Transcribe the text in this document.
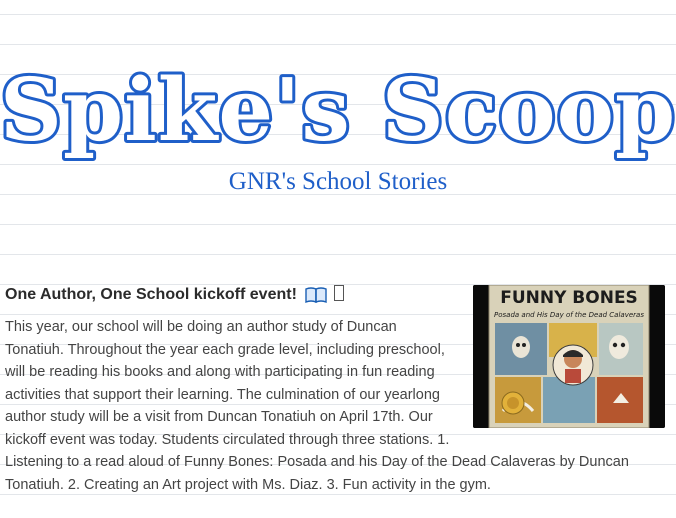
Spike's Scoop
GNR's School Stories
One Author, One School kickoff event!	FUNNY BONES
Posada and His Day of the Dead Calaveras

This year, our school will be doing an author study of Duncan Tonatiuh. Throughout the year each grade level, including preschool, will be reading his books and along with participating in fun reading activities that support their learning. The culmination of our yearlong author study will be a visit from Duncan Tonatiuh on April 17th. Our kickoff event was today. Students circulated through three stations. 1. Listening to a read aloud of Funny Bones: Posada and his Day of the Dead Calaveras by Duncan Tonatiuh. 2. Creating an Art project with Ms. Diaz. 3. Fun activity in the gym.
